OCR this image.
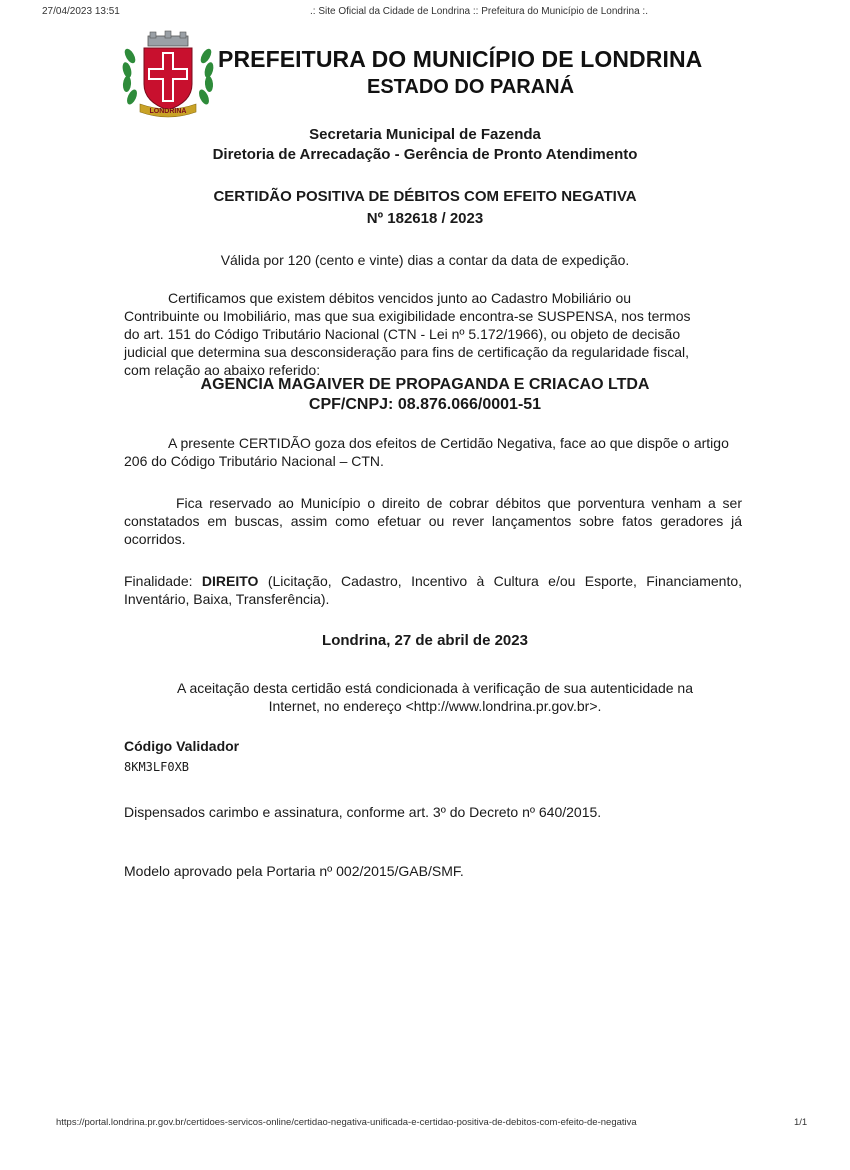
27/04/2023 13:51	.: Site Oficial da Cidade de Londrina :: Prefeitura do Município de Londrina :.
LONDRINA
PREFEITURA DO MUNICÍPIO DE LONDRINA
ESTADO DO PARANÁ
Secretaria Municipal de Fazenda
Diretoria de Arrecadação - Gerência de Pronto Atendimento
CERTIDÃO POSITIVA DE DÉBITOS COM EFEITO NEGATIVA
Nº 182618 / 2023
Válida por 120 (cento e vinte) dias a contar da data de expedição.

Certificamos que existem débitos vencidos junto ao Cadastro Mobiliário ou

Contribuinte ou Imobiliário, mas que sua exigibilidade encontra-se SUSPENSA, nos termos

do art. 151 do Código Tributário Nacional (CTN - Lei nº 5.172/1966), ou objeto de decisão

judicial que determina sua desconsideração para fins de certificação da regularidade fiscal,

com relação ao abaixo referido:

AGENCIA MAGAIVER DE PROPAGANDA E CRIACAO LTDA
CPF/CNPJ: 08.876.066/0001-51
A presente CERTIDÃO goza dos efeitos de Certidão Negativa, face ao que dispõe o artigo 206 do Código Tributário Nacional – CTN.
Fica reservado ao Município o direito de cobrar débitos que porventura venham a ser constatados em buscas, assim como efetuar ou rever lançamentos sobre fatos geradores já ocorridos.
Finalidade: DIREITO (Licitação, Cadastro, Incentivo à Cultura e/ou Esporte, Financiamento, Inventário, Baixa, Transferência).
Londrina, 27 de abril de 2023
A aceitação desta certidão está condicionada à verificação de sua autenticidade na Internet, no endereço <http://www.londrina.pr.gov.br>.
Código Validador
8KM3LF0XB
Dispensados carimbo e assinatura, conforme art. 3º do Decreto nº 640/2015.
Modelo aprovado pela Portaria nº 002/2015/GAB/SMF.
https://portal.londrina.pr.gov.br/certidoes-servicos-online/certidao-negativa-unificada-e-certidao-positiva-de-debitos-com-efeito-de-negativa	1/1
